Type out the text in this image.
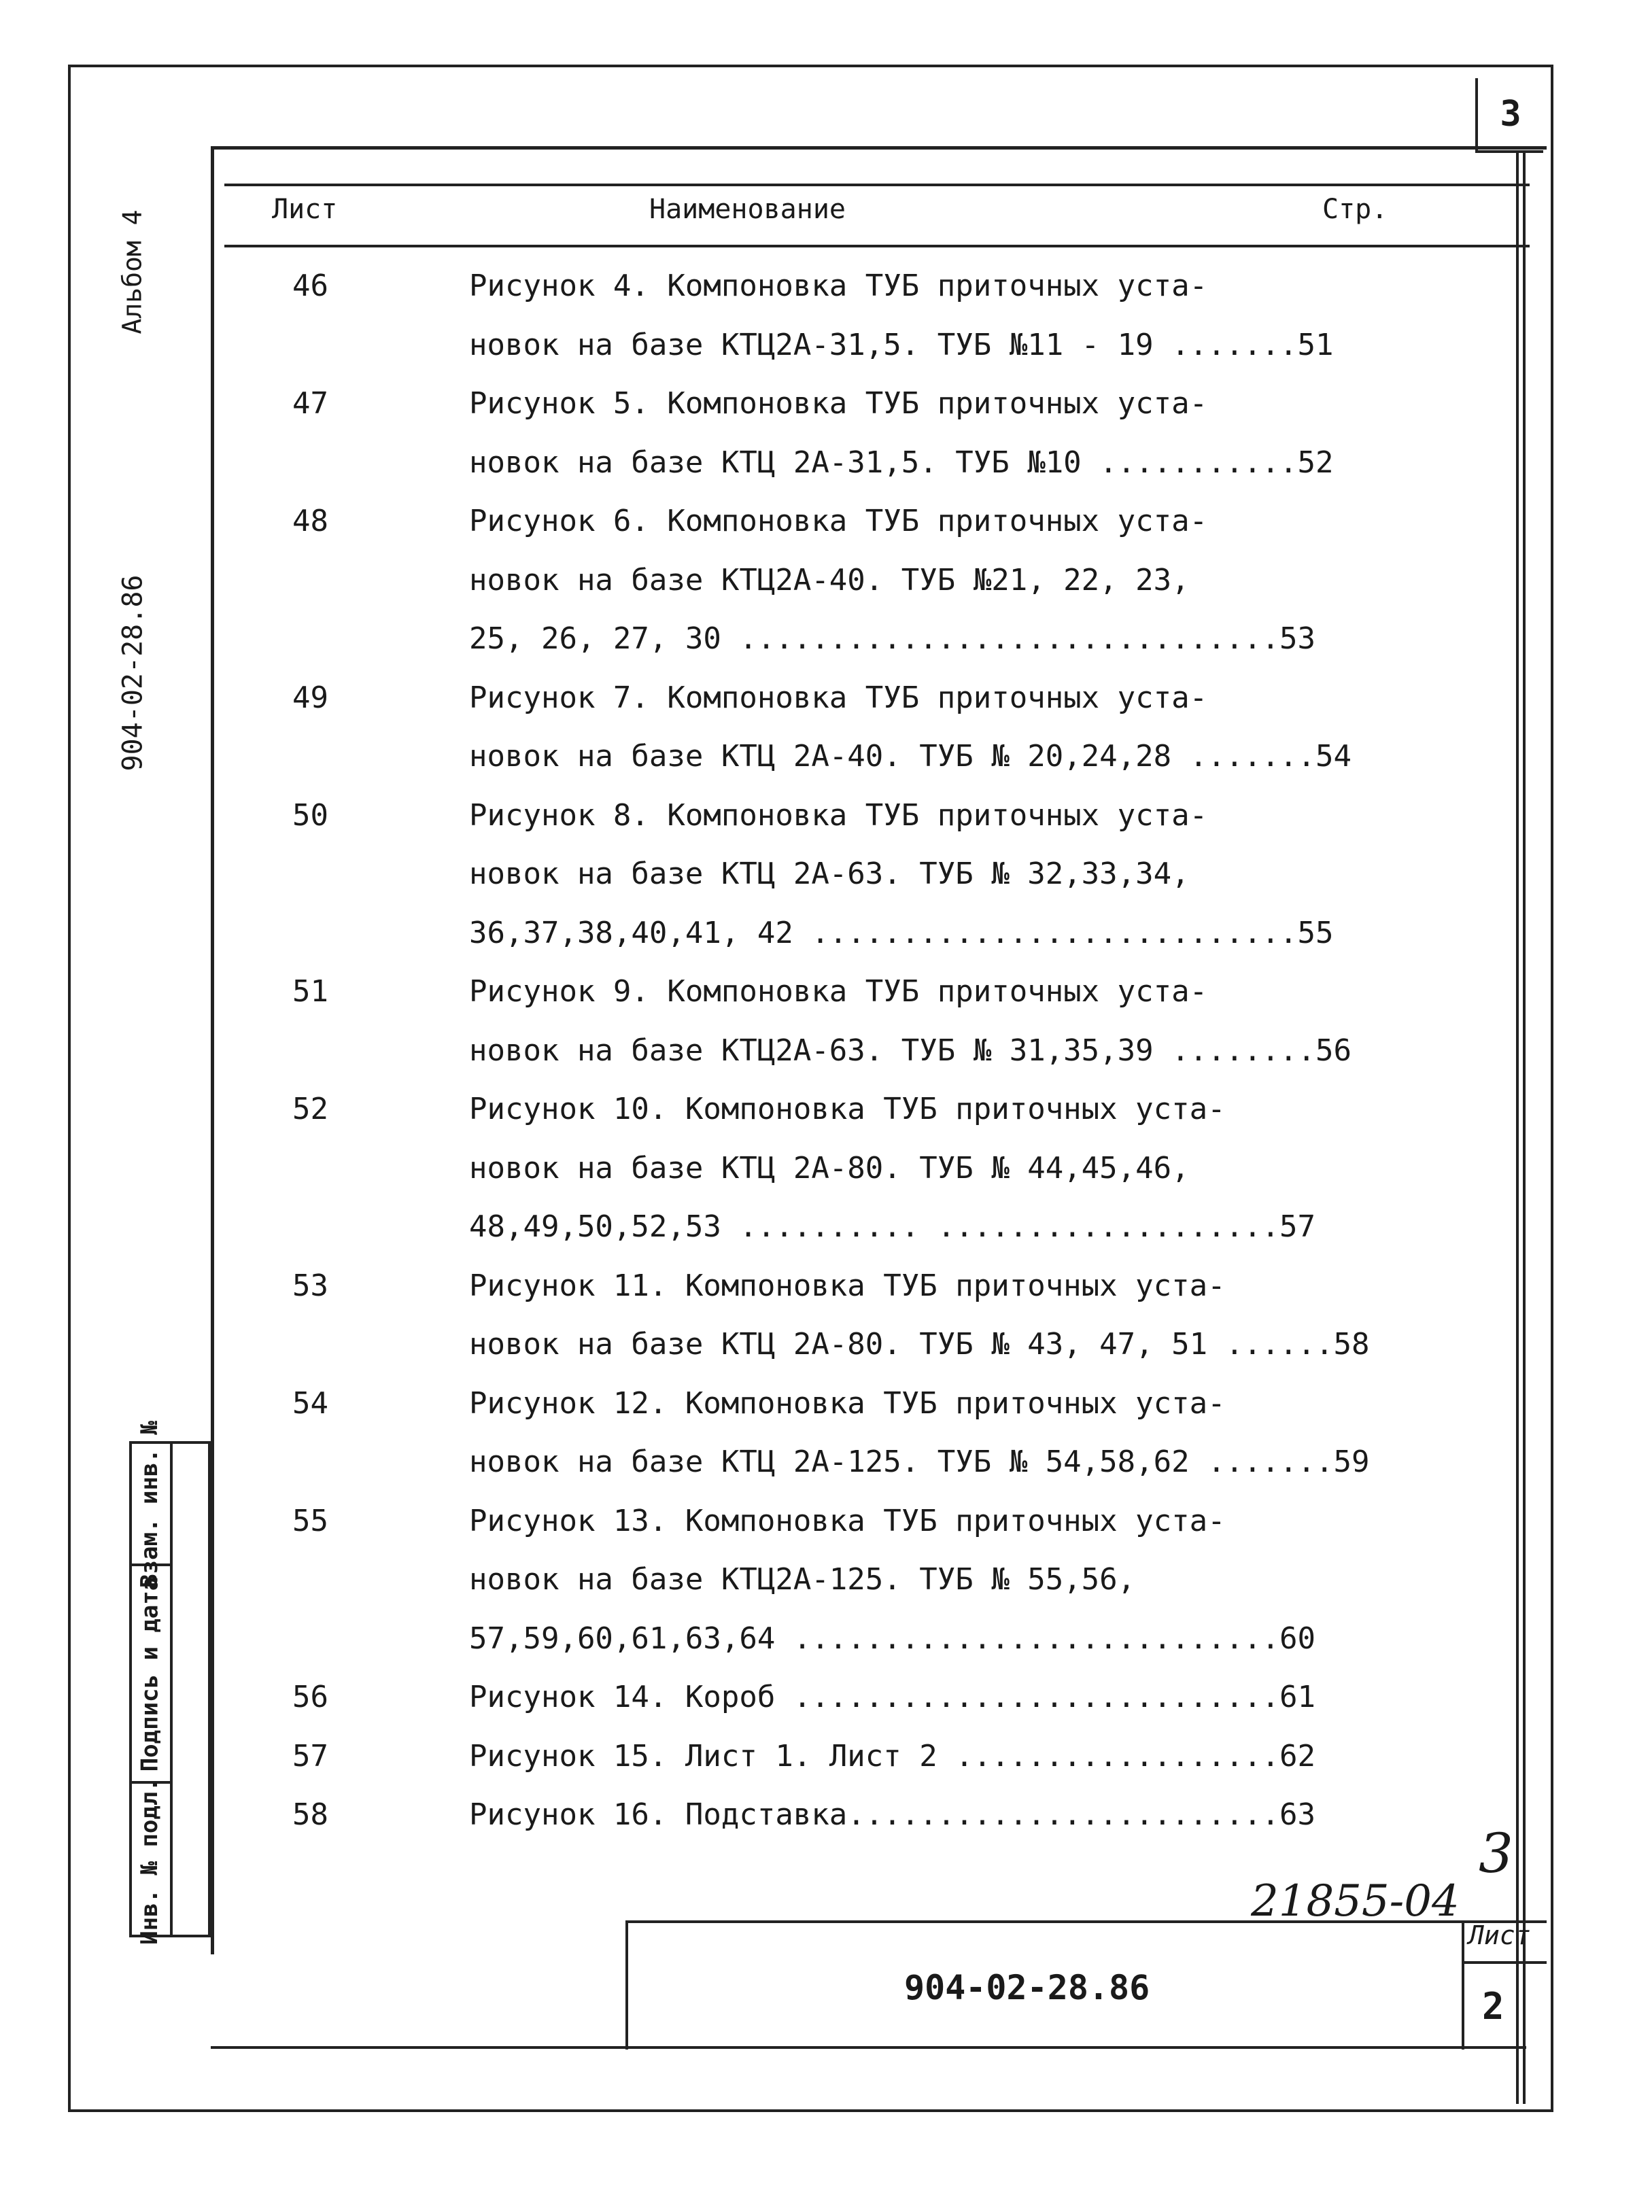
3
Альбом 4
904-02-28.86
Лист	Наименование	Стр.
46	Рисунок 4. Компоновка ТУБ приточных уста-
новок на базе КТЦ2А-31,5. ТУБ №11 - 19 .......51
47	Рисунок 5. Компоновка ТУБ приточных уста-
новок на базе КТЦ 2А-31,5. ТУБ №10 ...........52
48	Рисунок 6. Компоновка ТУБ приточных уста-
новок на базе КТЦ2А-40. ТУБ №21, 22, 23,
25, 26, 27, 30 ..............................53
49	Рисунок 7. Компоновка ТУБ приточных уста-
новок на базе КТЦ 2А-40. ТУБ № 20,24,28 .......54
50	Рисунок 8. Компоновка ТУБ приточных уста-
новок на базе КТЦ 2А-63. ТУБ № 32,33,34,
36,37,38,40,41, 42 ...........................55
51	Рисунок 9. Компоновка ТУБ приточных уста-
новок на базе КТЦ2А-63. ТУБ № 31,35,39 ........56
52	Рисунок 10. Компоновка ТУБ приточных уста-
новок на базе КТЦ 2А-80. ТУБ № 44,45,46,
48,49,50,52,53 .......... ...................57
53	Рисунок 11. Компоновка ТУБ приточных уста-
новок на базе КТЦ 2А-80. ТУБ № 43, 47, 51 ......58
54	Рисунок 12. Компоновка ТУБ приточных уста-
новок на базе КТЦ 2А-125. ТУБ № 54,58,62 .......59
55	Рисунок 13. Компоновка ТУБ приточных уста-
новок на базе КТЦ2А-125. ТУБ № 55,56,
57,59,60,61,63,64 ...........................60
56	Рисунок 14. Короб ...........................61
57	Рисунок 15. Лист 1. Лист 2 ..................62
58	Рисунок 16. Подставка........................63
3
21855-04
904-02-28.86
Лист
2
Инв. № подл.
Подпись и дата
Взам. инв. №
